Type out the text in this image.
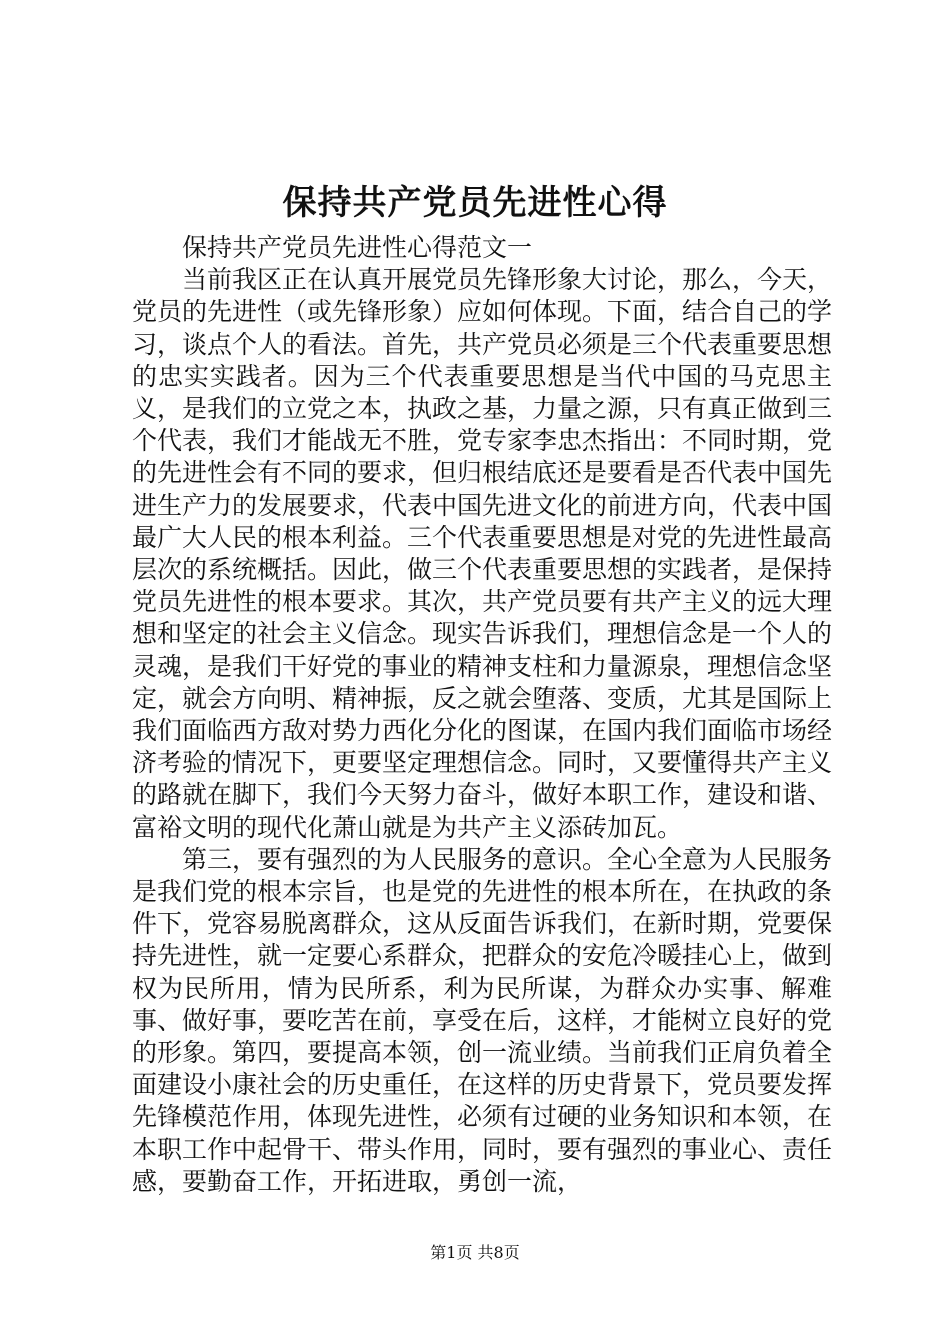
保持共产党员先进性心得

保持共产党员先进性心得范文一

当前我区正在认真开展党员先锋形象大讨论，那么，今天，党员的先进性（或先锋形象）应如何体现。下面，结合自己的学习，谈点个人的看法。首先，共产党员必须是三个代表重要思想的忠实实践者。因为三个代表重要思想是当代中国的马克思主义，是我们的立党之本，执政之基，力量之源，只有真正做到三个代表，我们才能战无不胜，党专家李忠杰指出：不同时期，党的先进性会有不同的要求，但归根结底还是要看是否代表中国先进生产力的发展要求，代表中国先进文化的前进方向，代表中国最广大人民的根本利益。三个代表重要思想是对党的先进性最高层次的系统概括。因此，做三个代表重要思想的实践者，是保持党员先进性的根本要求。其次，共产党员要有共产主义的远大理想和坚定的社会主义信念。现实告诉我们，理想信念是一个人的灵魂，是我们干好党的事业的精神支柱和力量源泉，理想信念坚定，就会方向明、精神振，反之就会堕落、变质，尤其是国际上我们面临西方敌对势力西化分化的图谋，在国内我们面临市场经济考验的情况下，更要坚定理想信念。同时，又要懂得共产主义的路就在脚下，我们今天努力奋斗，做好本职工作，建设和谐、富裕文明的现代化萧山就是为共产主义添砖加瓦。

第三，要有强烈的为人民服务的意识。全心全意为人民服务是我们党的根本宗旨，也是党的先进性的根本所在，在执政的条件下，党容易脱离群众，这从反面告诉我们，在新时期，党要保持先进性，就一定要心系群众，把群众的安危冷暖挂心上，做到权为民所用，情为民所系，利为民所谋，为群众办实事、解难事、做好事，要吃苦在前，享受在后，这样，才能树立良好的党的形象。第四，要提高本领，创一流业绩。当前我们正肩负着全面建设小康社会的历史重任，在这样的历史背景下，党员要发挥先锋模范作用，体现先进性，必须有过硬的业务知识和本领，在本职工作中起骨干、带头作用，同时，要有强烈的事业心、责任感，要勤奋工作，开拓进取，勇创一流，

第1页 共8页
